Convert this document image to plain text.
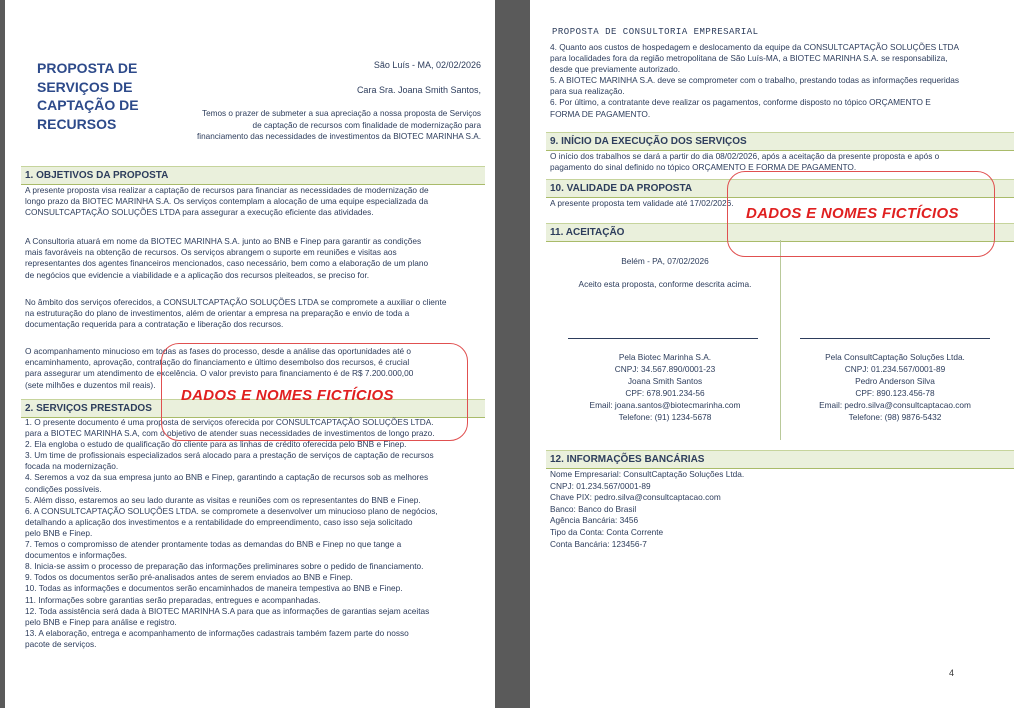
PROPOSTA DE
SERVIÇOS DE
CAPTAÇÃO DE
RECURSOS
São Luís - MA, 02/02/2026
Cara Sra. Joana Smith Santos,
Temos o prazer de submeter a sua apreciação a nossa proposta de Serviços
de captação de recursos com finalidade de modernização para
financiamento das necessidades de investimentos da BIOTEC MARINHA S.A.
1. OBJETIVOS DA PROPOSTA
A presente proposta visa realizar a captação de recursos para financiar as necessidades de modernização de
longo prazo da BIOTEC MARINHA S.A. Os serviços contemplam a alocação de uma equipe especializada da
CONSULTCAPTAÇÃO SOLUÇÕES LTDA para assegurar a execução eficiente das atividades.
A Consultoria atuará em nome da BIOTEC MARINHA S.A. junto ao BNB e Finep para garantir as condições
mais favoráveis na obtenção de recursos. Os serviços abrangem o suporte em reuniões e visitas aos
representantes dos agentes financeiros mencionados, caso necessário, bem como a elaboração de um plano
de negócios que evidencie a viabilidade e a aplicação dos recursos pleiteados, se preciso for.
No âmbito dos serviços oferecidos, a CONSULTCAPTAÇÃO SOLUÇÕES LTDA se compromete a auxiliar o cliente
na estruturação do plano de investimentos, além de orientar a empresa na preparação e envio de toda a
documentação requerida para a contratação e liberação dos recursos.
O acompanhamento minucioso em todas as fases do processo, desde a análise das oportunidades até o
encaminhamento, aprovação, contratação do financiamento e último desembolso dos recursos, é crucial
para assegurar um atendimento de excelência. O valor previsto para financiamento é de R$ 7.200.000,00
(sete milhões e duzentos mil reais).
2. SERVIÇOS PRESTADOS
1. O presente documento é uma proposta de serviços oferecida por CONSULTCAPTAÇÃO SOLUÇÕES LTDA.
para a BIOTEC MARINHA S.A, com o objetivo de atender suas necessidades de investimentos de longo prazo.
2. Ela engloba o estudo de qualificação do cliente para as linhas de crédito oferecida pelo BNB e Finep.
3. Um time de profissionais especializados será alocado para a prestação de serviços de captação de recursos
focada na modernização.
4. Seremos a voz da sua empresa junto ao BNB e Finep, garantindo a captação de recursos sob as melhores
condições possíveis.
5. Além disso, estaremos ao seu lado durante as visitas e reuniões com os representantes do BNB e Finep.
6. A CONSULTCAPTAÇÃO SOLUÇÕES LTDA. se compromete a desenvolver um minucioso plano de negócios,
detalhando a aplicação dos investimentos e a rentabilidade do empreendimento, caso isso seja solicitado
pelo BNB e Finep.
7. Temos o compromisso de atender prontamente todas as demandas do BNB e Finep no que tange a
documentos e informações.
8. Inicia-se assim o processo de preparação das informações preliminares sobre o pedido de financiamento.
9. Todos os documentos serão pré-analisados antes de serem enviados ao BNB e Finep.
10. Todas as informações e documentos serão encaminhados de maneira tempestiva ao BNB e Finep.
11. Informações sobre garantias serão preparadas, entregues e acompanhadas.
12. Toda assistência será dada à BIOTEC MARINHA S.A para que as informações de garantias sejam aceitas
pelo BNB e Finep para análise e registro.
13. A elaboração, entrega e acompanhamento de informações cadastrais também fazem parte do nosso
pacote de serviços.
DADOS E NOMES FICTÍCIOS
PROPOSTA DE CONSULTORIA EMPRESARIAL
4. Quanto aos custos de hospedagem e deslocamento da equipe da CONSULTCAPTAÇÃO SOLUÇÕES LTDA
para localidades fora da região metropolitana de São Luís-MA, a BIOTEC MARINHA S.A. se responsabiliza,
desde que previamente autorizado.
5. A BIOTEC MARINHA S.A. deve se comprometer com o trabalho, prestando todas as informações requeridas
para sua realização.
6. Por último, a contratante deve realizar os pagamentos, conforme disposto no tópico ORÇAMENTO E
FORMA DE PAGAMENTO.
9. INÍCIO DA EXECUÇÃO DOS SERVIÇOS
O início dos trabalhos se dará a partir do dia 08/02/2026, após a aceitação da presente proposta e após o
pagamento do sinal definido no tópico ORÇAMENTO E FORMA DE PAGAMENTO.
10. VALIDADE DA PROPOSTA
A presente proposta tem validade até 17/02/2026.
11. ACEITAÇÃO
Belém - PA, 07/02/2026
Aceito esta proposta, conforme descrita acima.
Pela Biotec Marinha S.A.
CNPJ: 34.567.890/0001-23
Joana Smith Santos
CPF: 678.901.234-56
Email: joana.santos@biotecmarinha.com
Telefone: (91) 1234-5678
Pela ConsultCaptação Soluções Ltda.
CNPJ: 01.234.567/0001-89
Pedro Anderson Silva
CPF: 890.123.456-78
Email: pedro.silva@consultcaptacao.com
Telefone: (98) 9876-5432
12. INFORMAÇÕES BANCÁRIAS
Nome Empresarial: ConsultCaptação Soluções Ltda.
CNPJ: 01.234.567/0001-89
Chave PIX: pedro.silva@consultcaptacao.com
Banco: Banco do Brasil
Agência Bancária: 3456
Tipo da Conta: Conta Corrente
Conta Bancária: 123456-7
DADOS E NOMES FICTÍCIOS
4
